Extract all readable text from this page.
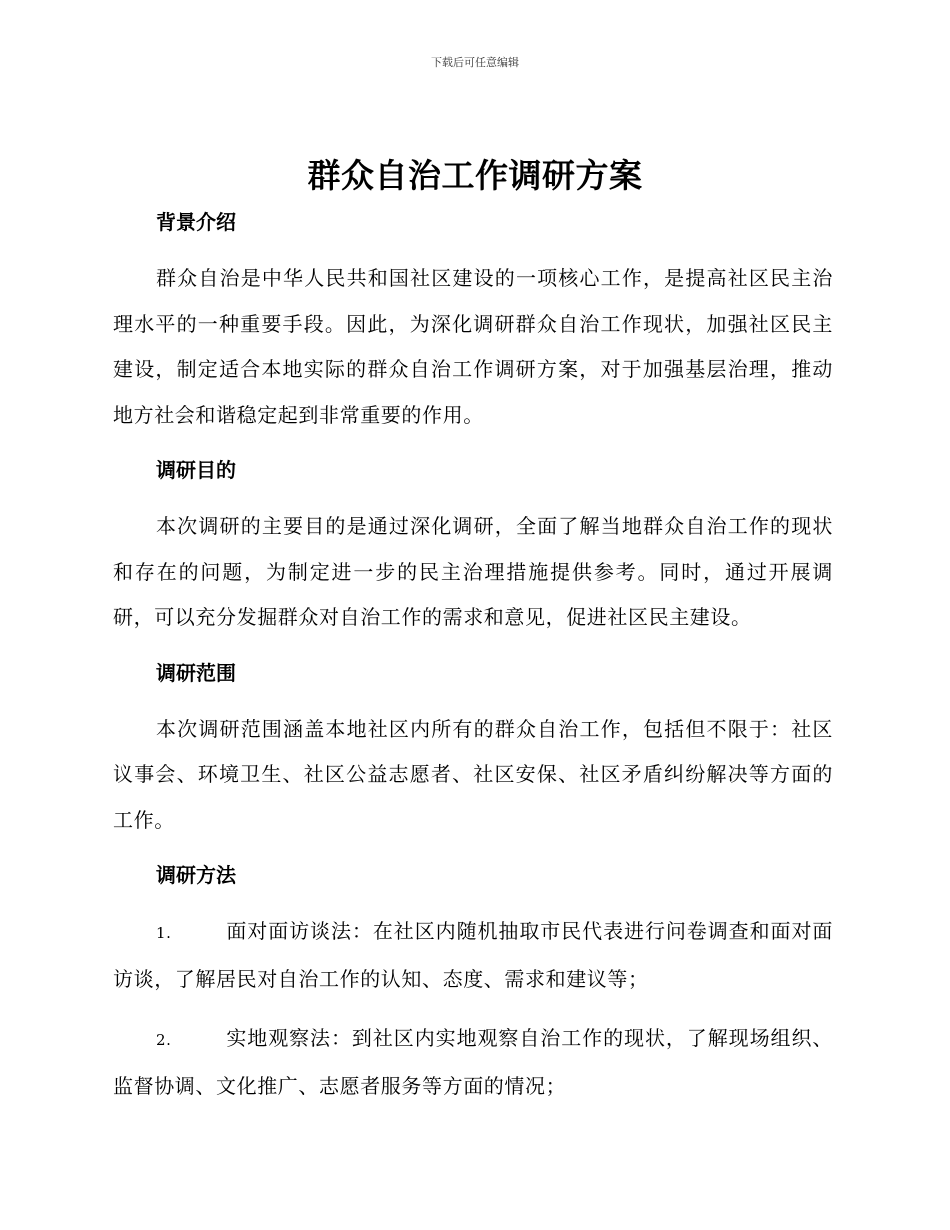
下载后可任意编辑
群众自治工作调研方案
背景介绍

群众自治是中华人民共和国社区建设的一项核心工作，是提高社区民主治理水平的一种重要手段。因此，为深化调研群众自治工作现状，加强社区民主建设，制定适合本地实际的群众自治工作调研方案，对于加强基层治理，推动地方社会和谐稳定起到非常重要的作用。

调研目的

本次调研的主要目的是通过深化调研，全面了解当地群众自治工作的现状和存在的问题，为制定进一步的民主治理措施提供参考。同时，通过开展调研，可以充分发掘群众对自治工作的需求和意见，促进社区民主建设。

调研范围

本次调研范围涵盖本地社区内所有的群众自治工作，包括但不限于：社区议事会、环境卫生、社区公益志愿者、社区安保、社区矛盾纠纷解决等方面的工作。

调研方法

1.	面对面访谈法：在社区内随机抽取市民代表进行问卷调查和面对面访谈，了解居民对自治工作的认知、态度、需求和建议等；

2.	实地观察法：到社区内实地观察自治工作的现状，了解现场组织、监督协调、文化推广、志愿者服务等方面的情况；
